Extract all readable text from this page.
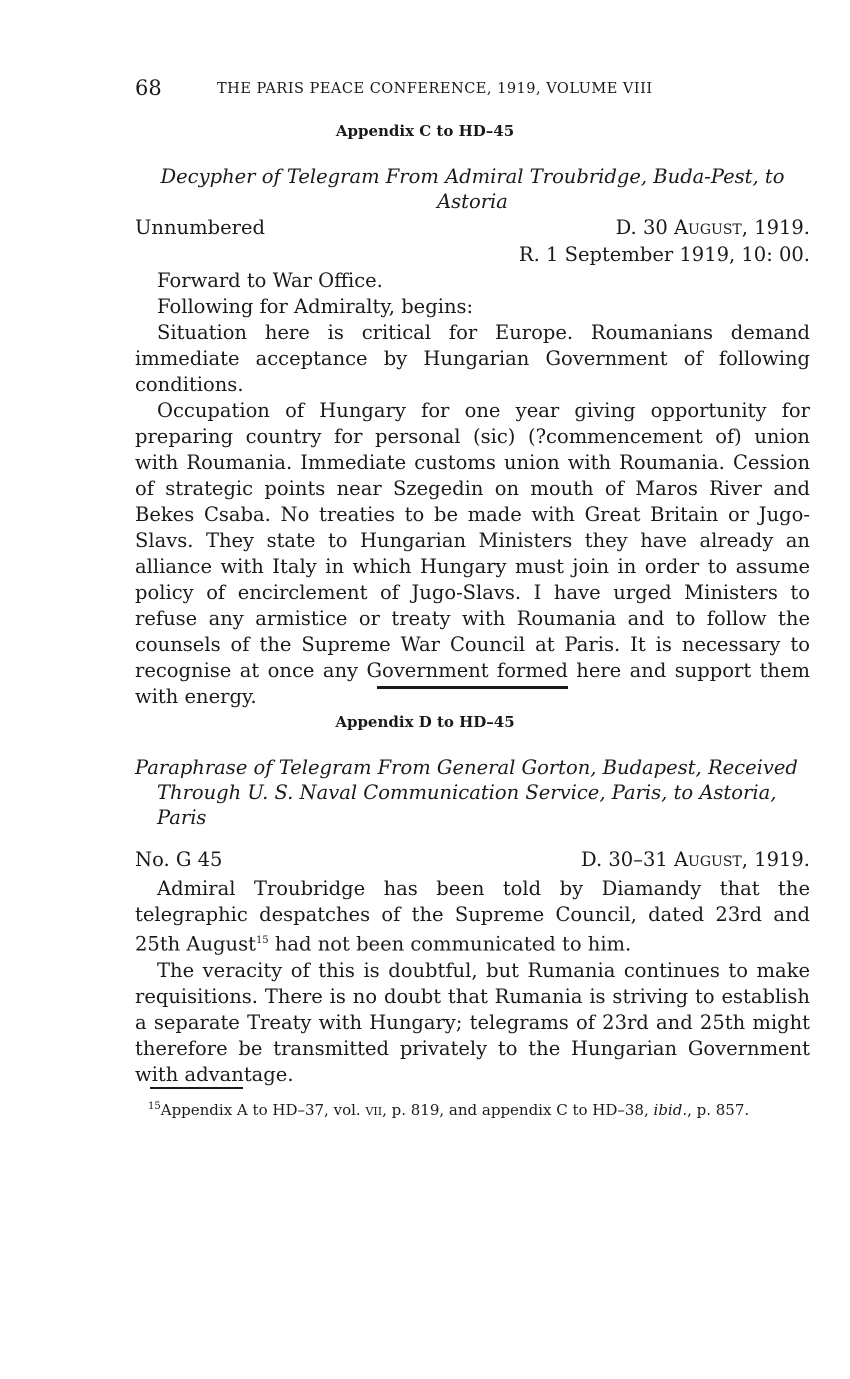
68	THE PARIS PEACE CONFERENCE, 1919, VOLUME VIII
Appendix C to HD–45
Decypher of Telegram From Admiral Troubridge, Buda-Pest, to Astoria
Unnumbered	D. 30 August, 1919.
R. 1 September 1919, 10: 00.

Forward to War Office.

Following for Admiralty, begins:

Situation here is critical for Europe. Roumanians demand immediate acceptance by Hungarian Government of following conditions.

Occupation of Hungary for one year giving opportunity for preparing country for personal (sic) (?commencement of) union with Roumania. Immediate customs union with Roumania. Cession of strategic points near Szegedin on mouth of Maros River and Bekes Csaba. No treaties to be made with Great Britain or Jugo-Slavs. They state to Hungarian Ministers they have already an alliance with Italy in which Hungary must join in order to assume policy of encirclement of Jugo-Slavs. I have urged Ministers to refuse any armistice or treaty with Roumania and to follow the counsels of the Supreme War Council at Paris. It is necessary to recognise at once any Government formed here and support them with energy.

Appendix D to HD–45
Paraphrase of Telegram From General Gorton, Budapest, Received Through U. S. Naval Communication Service, Paris, to Astoria, Paris
No. G 45	D. 30–31 August, 1919.

Admiral Troubridge has been told by Diamandy that the telegraphic despatches of the Supreme Council, dated 23rd and 25th August$^{15}$ had not been communicated to him.

The veracity of this is doubtful, but Rumania continues to make requisitions. There is no doubt that Rumania is striving to establish a separate Treaty with Hungary; telegrams of 23rd and 25th might therefore be transmitted privately to the Hungarian Government with advantage.

$^{15}$Appendix A to HD–37, vol. vii, p. 819, and appendix C to HD–38, ibid., p. 857.
